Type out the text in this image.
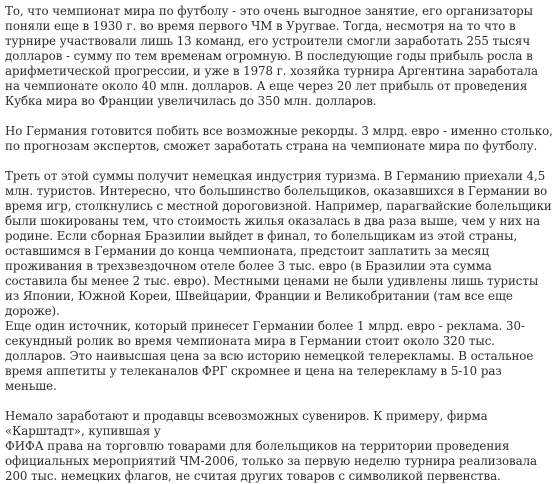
То, что чемпионат мира по футболу - это очень выгодное занятие, его организаторы поняли еще в 1930 г. во время первого ЧМ в Уругвае. Тогда, несмотря на то что в турнире участвовали лишь 13 команд, его устроители смогли заработать 255 тысяч долларов - сумму по тем временам огромную. В последующие годы прибыль росла в арифметической прогрессии, и уже в 1978 г. хозяйка турнира Аргентина заработала на чемпионате около 40 млн. долларов. А еще через 20 лет прибыль от проведения Кубка мира во Франции увеличилась до 350 млн. долларов.

Но Германия готовится побить все возможные рекорды. 3 млрд. евро - именно столько, по прогнозам экспертов, сможет заработать страна на чемпионате мира по футболу.

Треть от этой суммы получит немецкая индустрия туризма. В Германию приехали 4,5 млн. туристов. Интересно, что большинство болельщиков, оказавшихся в Германии во время игр, столкнулись с местной дороговизной. Например, парагвайские болельщики были шокированы тем, что стоимость жилья оказалась в два раза выше, чем у них на родине. Если сборная Бразилии выйдет в финал, то болельщикам из этой страны, оставшимся в Германии до конца чемпионата, предстоит заплатить за месяц проживания в трехзвездочном отеле более 3 тыс. евро (в Бразилии эта сумма составила бы менее 2 тыс. евро). Местными ценами не были удивлены лишь туристы из Японии, Южной Кореи, Швейцарии, Франции и Великобритании (там все еще дороже).

Еще один источник, который принесет Германии более 1 млрд. евро - реклама. 30-секундный ролик во время чемпионата мира в Германии стоит около 320 тыс. долларов. Это наивысшая цена за всю историю немецкой телерекламы. В остальное время аппетиты у телеканалов ФРГ скромнее и цена на телерекламу в 5-10 раз меньше.

Немало заработают и продавцы всевозможных сувениров. К примеру, фирма «Карштадт», купившая у

ФИФА права на торговлю товарами для болельщиков на территории проведения официальных мероприятий ЧМ-2006, только за первую неделю турнира реализовала 200 тыс. немецких флагов, не считая других товаров с символикой первенства.
